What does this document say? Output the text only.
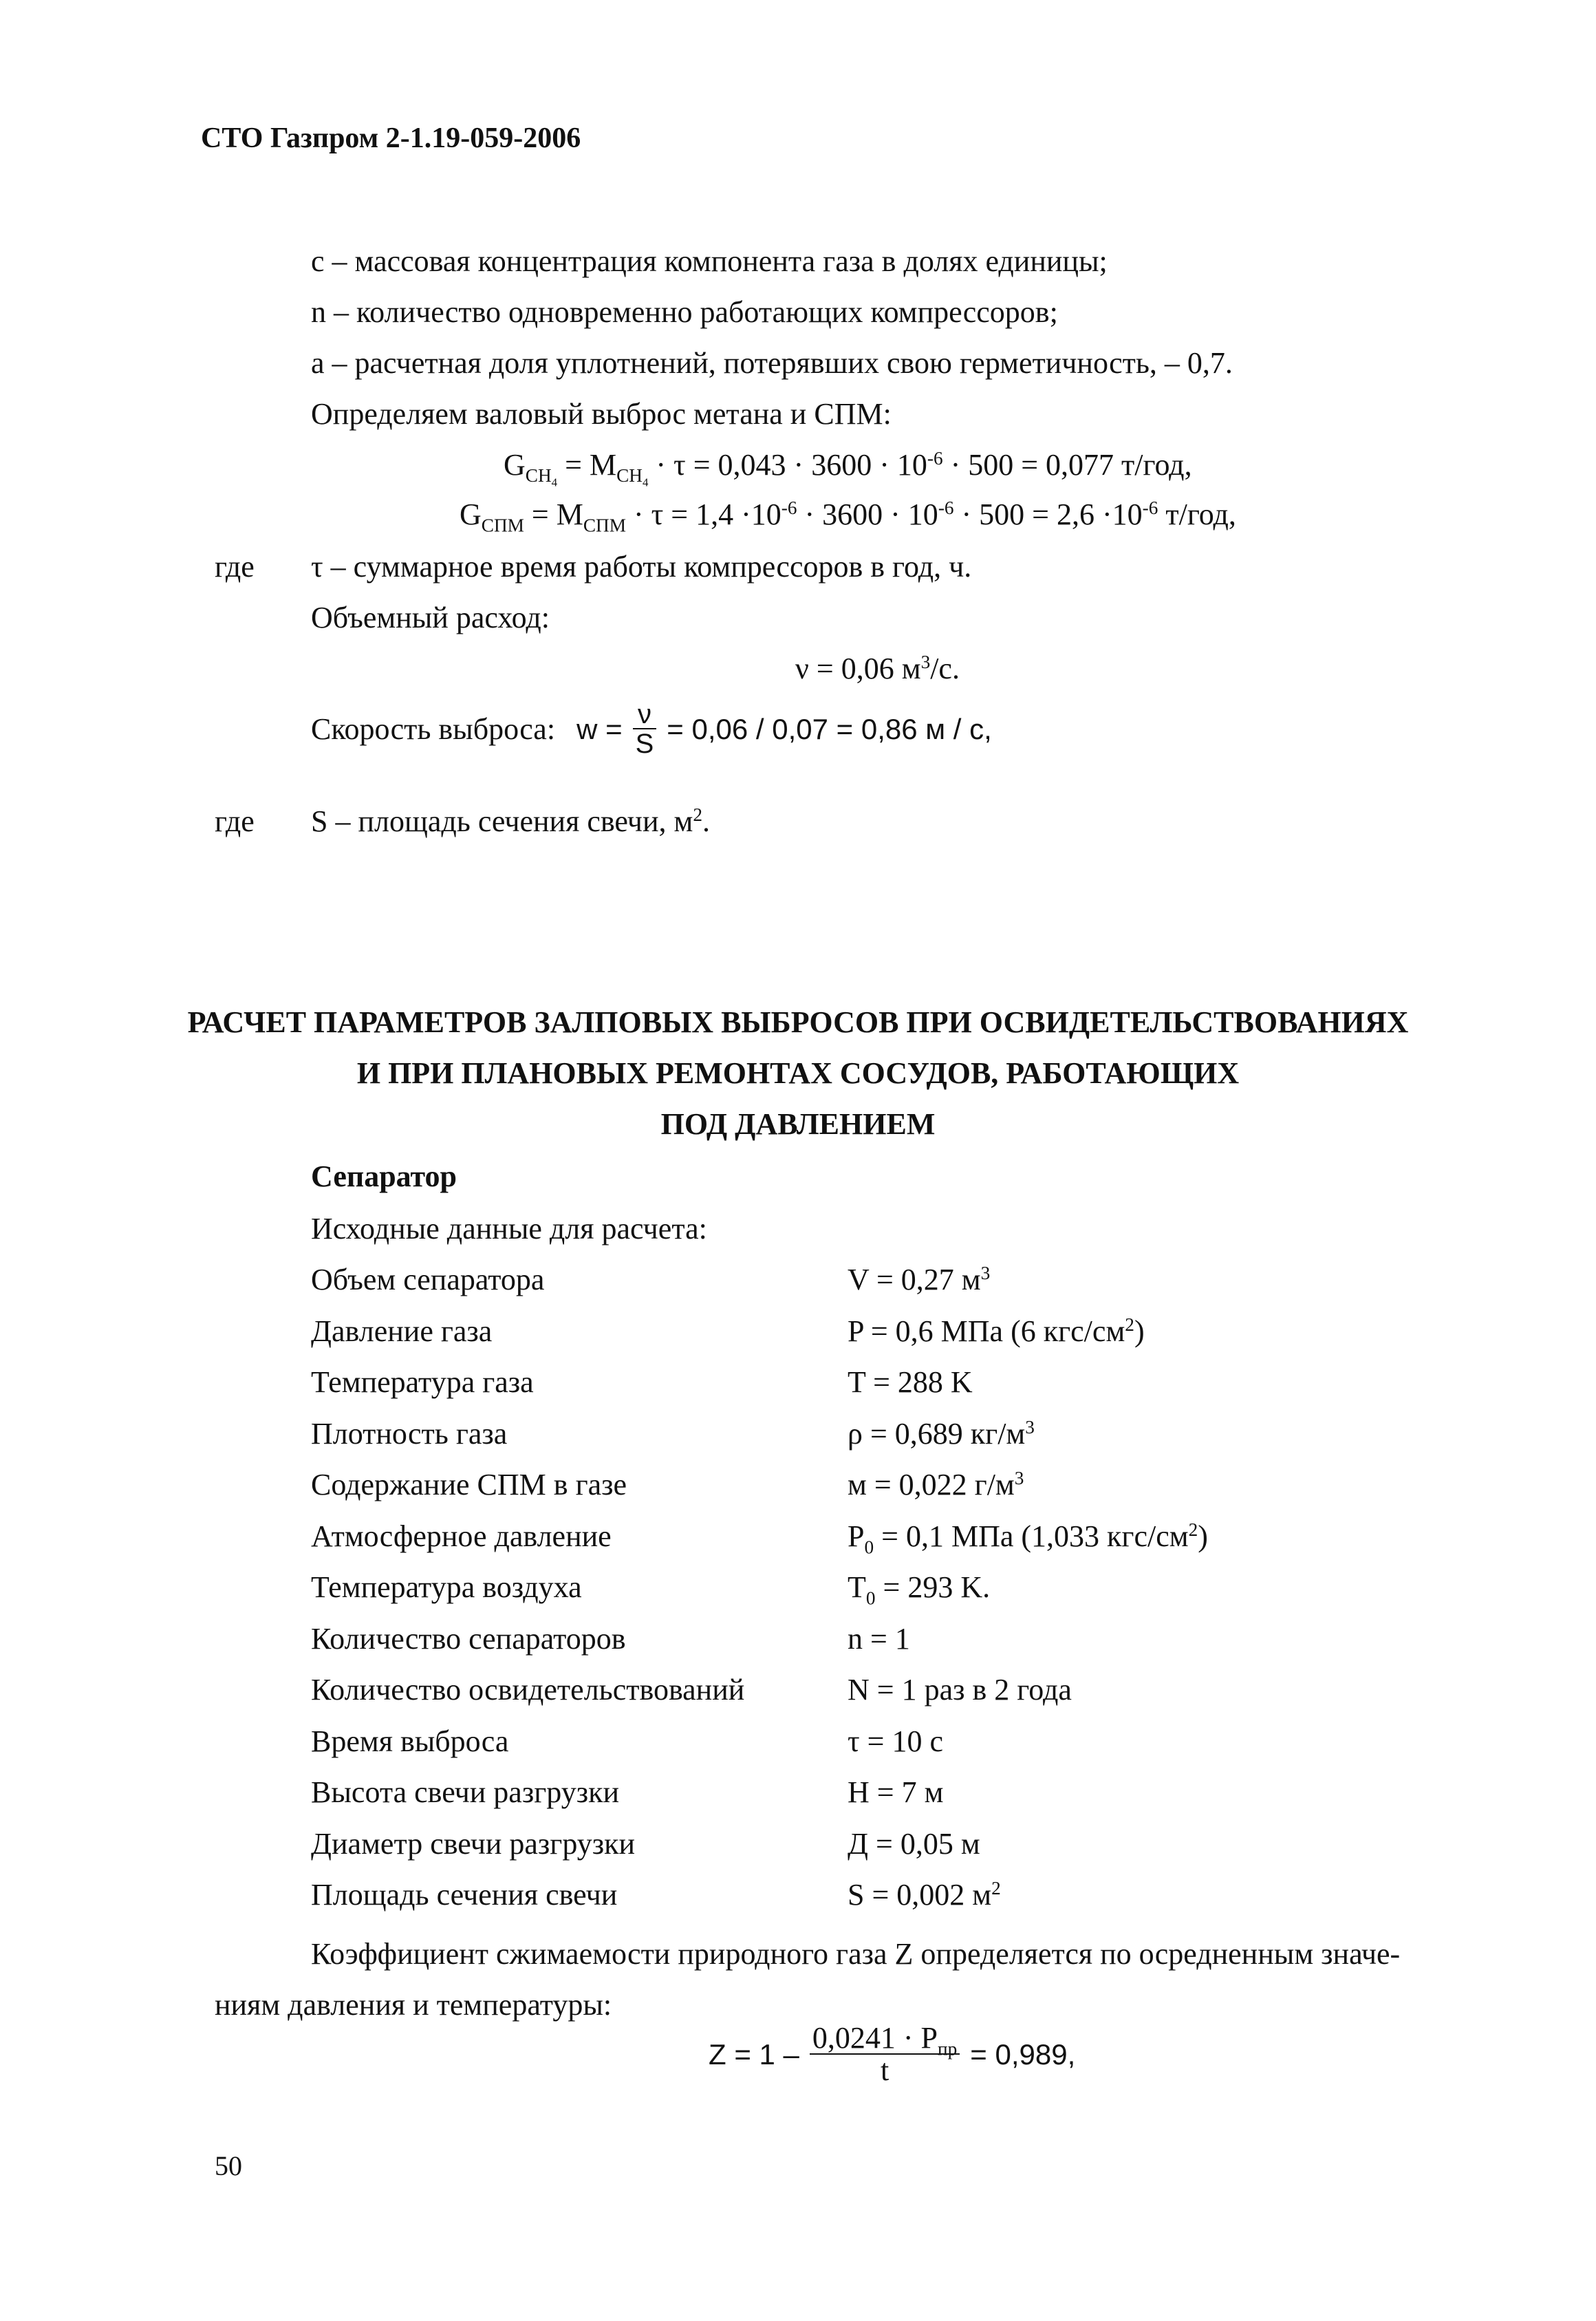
СТО Газпром 2-1.19-059-2006
с – массовая концентрация компонента газа в долях единицы;
n – количество одновременно работающих компрессоров;
а – расчетная доля уплотнений, потерявших свою герметичность, – 0,7.
Определяем валовый выброс метана и СПМ:
$G_{CH_4} = M_{CH_4} \cdot \tau = 0,043 \cdot 3600 \cdot 10^{-6} \cdot 500 = 0,077$ т/год,
$G_{СПМ} = M_{СПМ} \cdot \tau = 1,4 \cdot 10^{-6} \cdot 3600 \cdot 10^{-6} \cdot 500 = 2,6 \cdot 10^{-6}$ т/год,
где τ – суммарное время работы компрессоров в год, ч.
Объемный расход:
ν = 0,06 $м^3/с$.
Скорость выброса: $w = \frac{\nu}{S} = 0,06 / 0,07 = 0,86$ м / с,
где S – площадь сечения свечи, $м^2$.
РАСЧЕТ ПАРАМЕТРОВ ЗАЛПОВЫХ ВЫБРОСОВ ПРИ ОСВИДЕТЕЛЬСТВОВАНИЯХ
И ПРИ ПЛАНОВЫХ РЕМОНТАХ СОСУДОВ, РАБОТАЮЩИХ
ПОД ДАВЛЕНИЕМ
Сепаратор
Исходные данные для расчета:
Объем сепаратора	V = 0,27 $м^3$
Давление газа	P = 0,6 МПа (6 кгс/$см^2$)
Температура газа	T = 288 K
Плотность газа	ρ = 0,689 $кг/м^3$
Содержание СПМ в газе	м = 0,022 $г/м^3$
Атмосферное давление	$P_0 = 0,1$ МПа (1,033 кгс/$см^2$)
Температура воздуха	$T_0 = 293$ K.
Количество сепараторов	n = 1
Количество освидетельствований	N = 1 раз в 2 года
Время выброса	τ = 10 с
Высота свечи разгрузки	H = 7 м
Диаметр свечи разгрузки	Д = 0,05 м
Площадь сечения свечи	S = 0,002 $м^2$
Коэффициент сжимаемости природного газа Z определяется по осредненным значе-
ниям давления и температуры:
$Z = 1 - \frac{0,0241 \cdot P_{пр}}{t} = 0,989$,
50
